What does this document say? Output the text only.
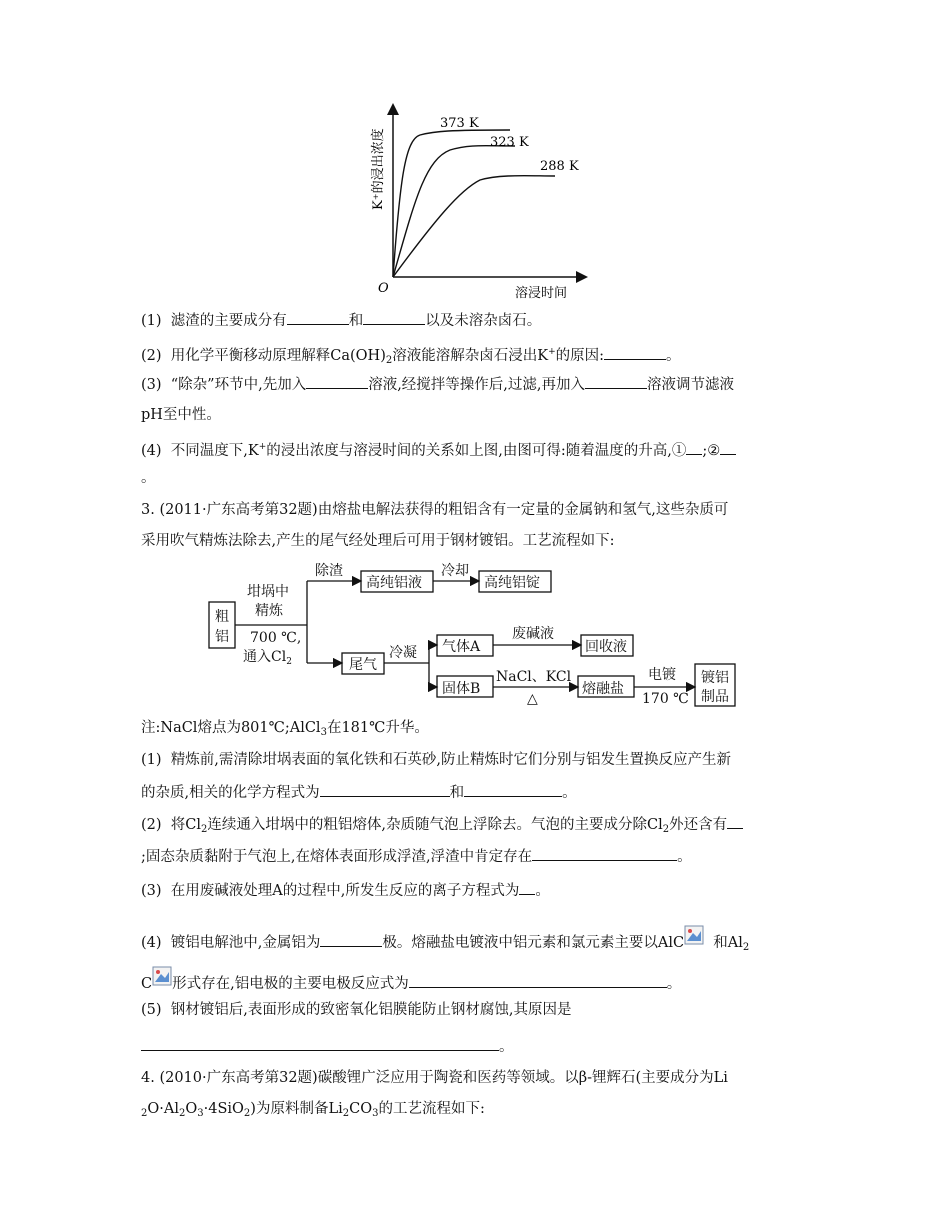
373 K
323 K
288 K
O	溶浸时间
K⁺的浸出浓度
(1) 滤渣的主要成分有	和	以及未溶杂卤石。
(2) 用化学平衡移动原理解释$Ca(OH)_2$溶液能溶解杂卤石浸出K+的原因:	。
(3) “除杂”环节中,先加入	溶液,经搅拌等操作后,过滤,再加入	溶液调节滤液
pH至中性。
(4) 不同温度下,K+的浸出浓度与溶浸时间的关系如上图,由图可得:随着温度的升高,① ;②
。
3. (2011·广东高考第32题)由熔盐电解法获得的粗铝含有一定量的金属钠和氢气,这些杂质可
采用吹气精炼法除去,产生的尾气经处理后可用于钢材镀铝。工艺流程如下:
粗
铝
坩埚中
精炼
700 ℃,
通入$Cl_2$
除渣
高纯铝液
冷却
高纯铝锭
尾气
冷凝 气体A
废碱液
回收液
固体B
NaCl、KCl
△
熔融盐
电镀
170 ℃
镀铝
制品
注:NaCl熔点为801℃;AlCl$_3$在181℃升华。
(1) 精炼前,需清除坩埚表面的氧化铁和石英砂,防止精炼时它们分别与铝发生置换反应产生新
的杂质,相关的化学方程式为	和	。
(2) 将$Cl_2$连续通入坩埚中的粗铝熔体,杂质随气泡上浮除去。气泡的主要成分除$Cl_2$外还含有
;固态杂质黏附于气泡上,在熔体表面形成浮渣,浮渣中肯定存在	。
(3) 在用废碱液处理A的过程中,所发生反应的离子方程式为 。
(4) 镀铝电解池中,金属铝为	极。熔融盐电镀液中铝元素和氯元素主要以AlC 和$Al_2$
C 形式存在,铝电极的主要电极反应式为	。
(5) 钢材镀铝后,表面形成的致密氧化铝膜能防止钢材腐蚀,其原因是
。
4. (2010·广东高考第32题)碳酸锂广泛应用于陶瓷和医药等领域。以β-锂辉石(主要成分为Li
$_2O\cdot Al_2O_3\cdot 4SiO_2$)为原料制备$Li_2CO_3$的工艺流程如下:
